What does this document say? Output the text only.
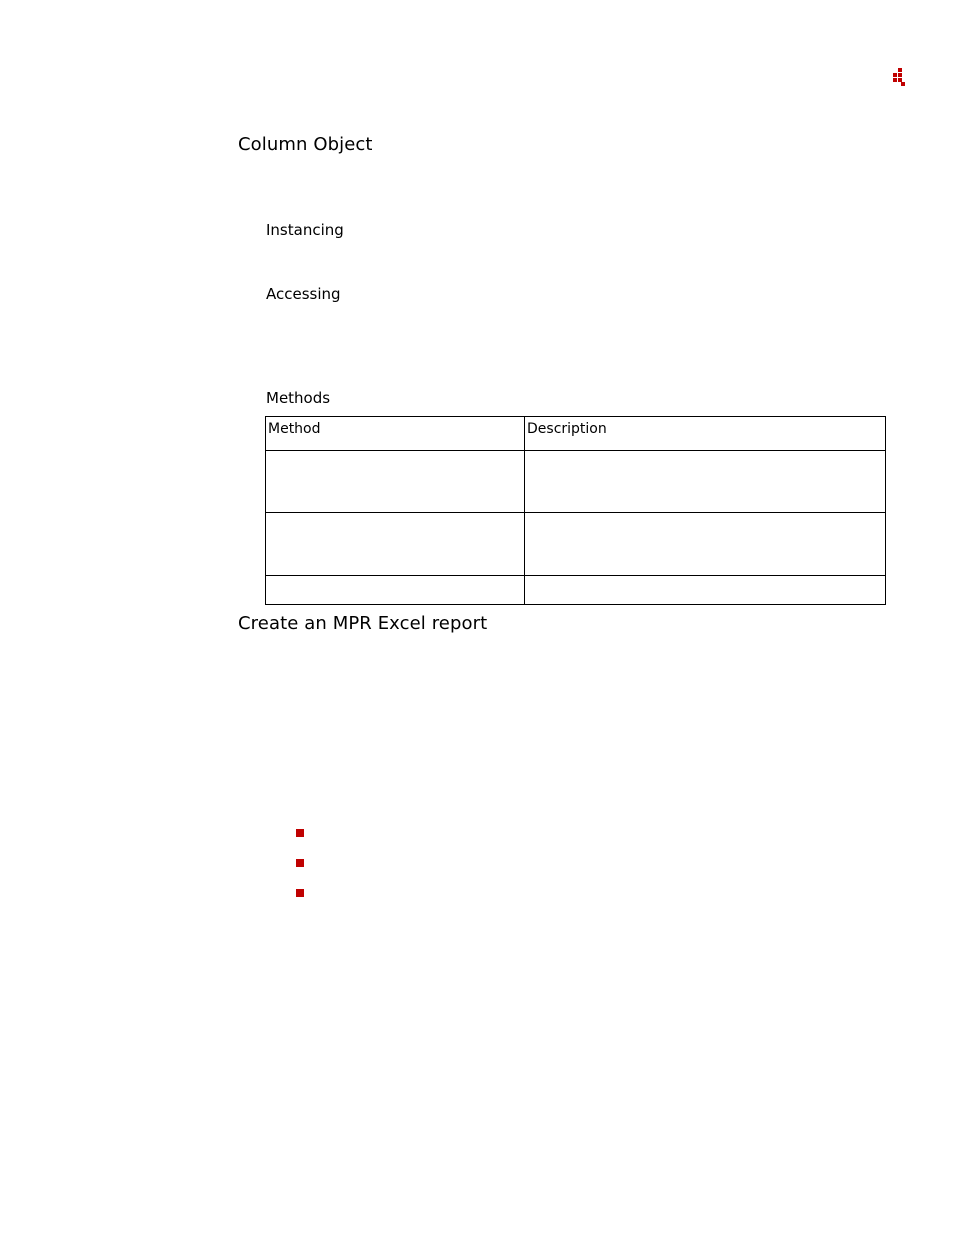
Column Object
Instancing
Accessing
Methods
Method	Description

Create an MPR Excel report
